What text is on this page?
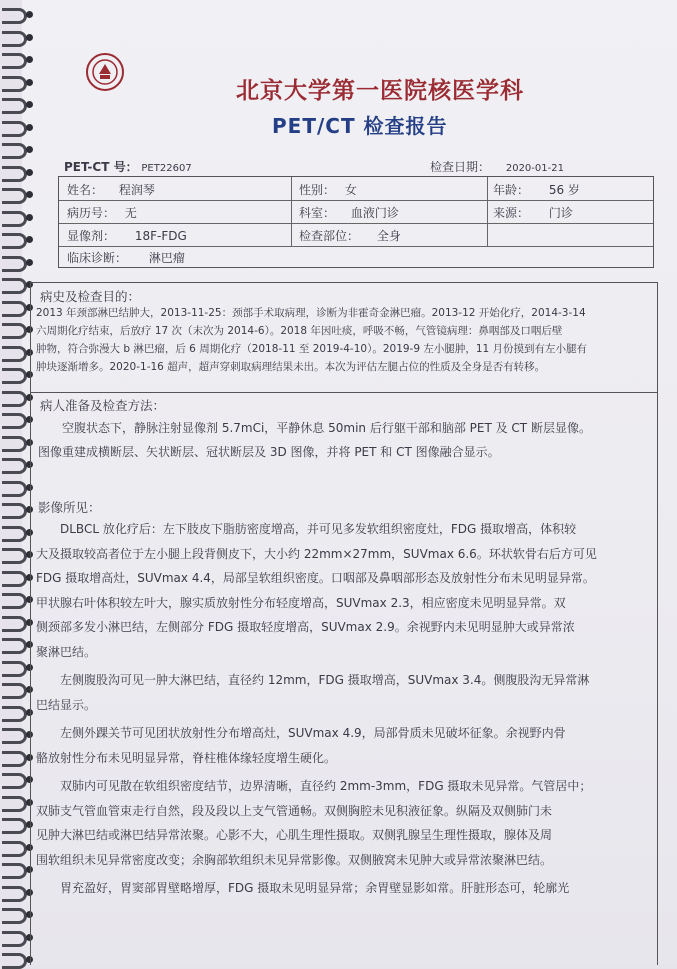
北京大学第一医院核医学科
PET/CT 检查报告
PET-CT 号： PET22607	检查日期： 2020-01-21
姓名： 程润琴	性别： 女	年龄： 56 岁
病历号： 无	科室： 血液门诊	来源： 门诊
显像剂： 18F-FDG	检查部位： 全身
临床诊断： 淋巴瘤
病史及检查目的：
2013 年颈部淋巴结肿大，2013-11-25：颈部手术取病理，诊断为非霍奇金淋巴瘤。2013-12 开始化疗，2014-3-14
六周期化疗结束，后放疗 17 次（末次为 2014-6）。2018 年因吐痰，呼吸不畅，气管镜病理：鼻咽部及口咽后壁
肿物，符合弥漫大 b 淋巴瘤，后 6 周期化疗（2018-11 至 2019-4-10）。2019-9 左小腿肿，11 月份摸到有左小腿有
肿块逐渐增多。2020-1-16 超声，超声穿刺取病理结果未出。本次为评估左腿占位的性质及全身是否有转移。
病人准备及检查方法：
空腹状态下，静脉注射显像剂 5.7mCi，平静休息 50min 后行躯干部和脑部 PET 及 CT 断层显像。
图像重建成横断层、矢状断层、冠状断层及 3D 图像，并将 PET 和 CT 图像融合显示。
影像所见：
DLBCL 放化疗后：左下肢皮下脂肪密度增高，并可见多发软组织密度灶，FDG 摄取增高，体积较
大及摄取较高者位于左小腿上段背侧皮下，大小约 22mm×27mm，SUVmax 6.6。环状软骨右后方可见
FDG 摄取增高灶，SUVmax 4.4，局部呈软组织密度。口咽部及鼻咽部形态及放射性分布未见明显异常。
甲状腺右叶体积较左叶大，腺实质放射性分布轻度增高，SUVmax 2.3，相应密度未见明显异常。双
侧颈部多发小淋巴结，左侧部分 FDG 摄取轻度增高，SUVmax 2.9。余视野内未见明显肿大或异常浓
聚淋巴结。
左侧腹股沟可见一肿大淋巴结，直径约 12mm，FDG 摄取增高，SUVmax 3.4。侧腹股沟无异常淋
巴结显示。
左侧外踝关节可见团状放射性分布增高灶，SUVmax 4.9，局部骨质未见破坏征象。余视野内骨
骼放射性分布未见明显异常，脊柱椎体缘轻度增生硬化。
双肺内可见散在软组织密度结节，边界清晰，直径约 2mm-3mm，FDG 摄取未见异常。气管居中；
双肺支气管血管束走行自然，段及段以上支气管通畅。双侧胸腔未见积液征象。纵隔及双侧肺门未
见肿大淋巴结或淋巴结异常浓聚。心影不大，心肌生理性摄取。双侧乳腺呈生理性摄取，腺体及周
围软组织未见异常密度改变；余胸部软组织未见异常影像。双侧腋窝未见肿大或异常浓聚淋巴结。
胃充盈好，胃窦部胃壁略增厚，FDG 摄取未见明显异常；余胃壁显影如常。肝脏形态可，轮廓光
